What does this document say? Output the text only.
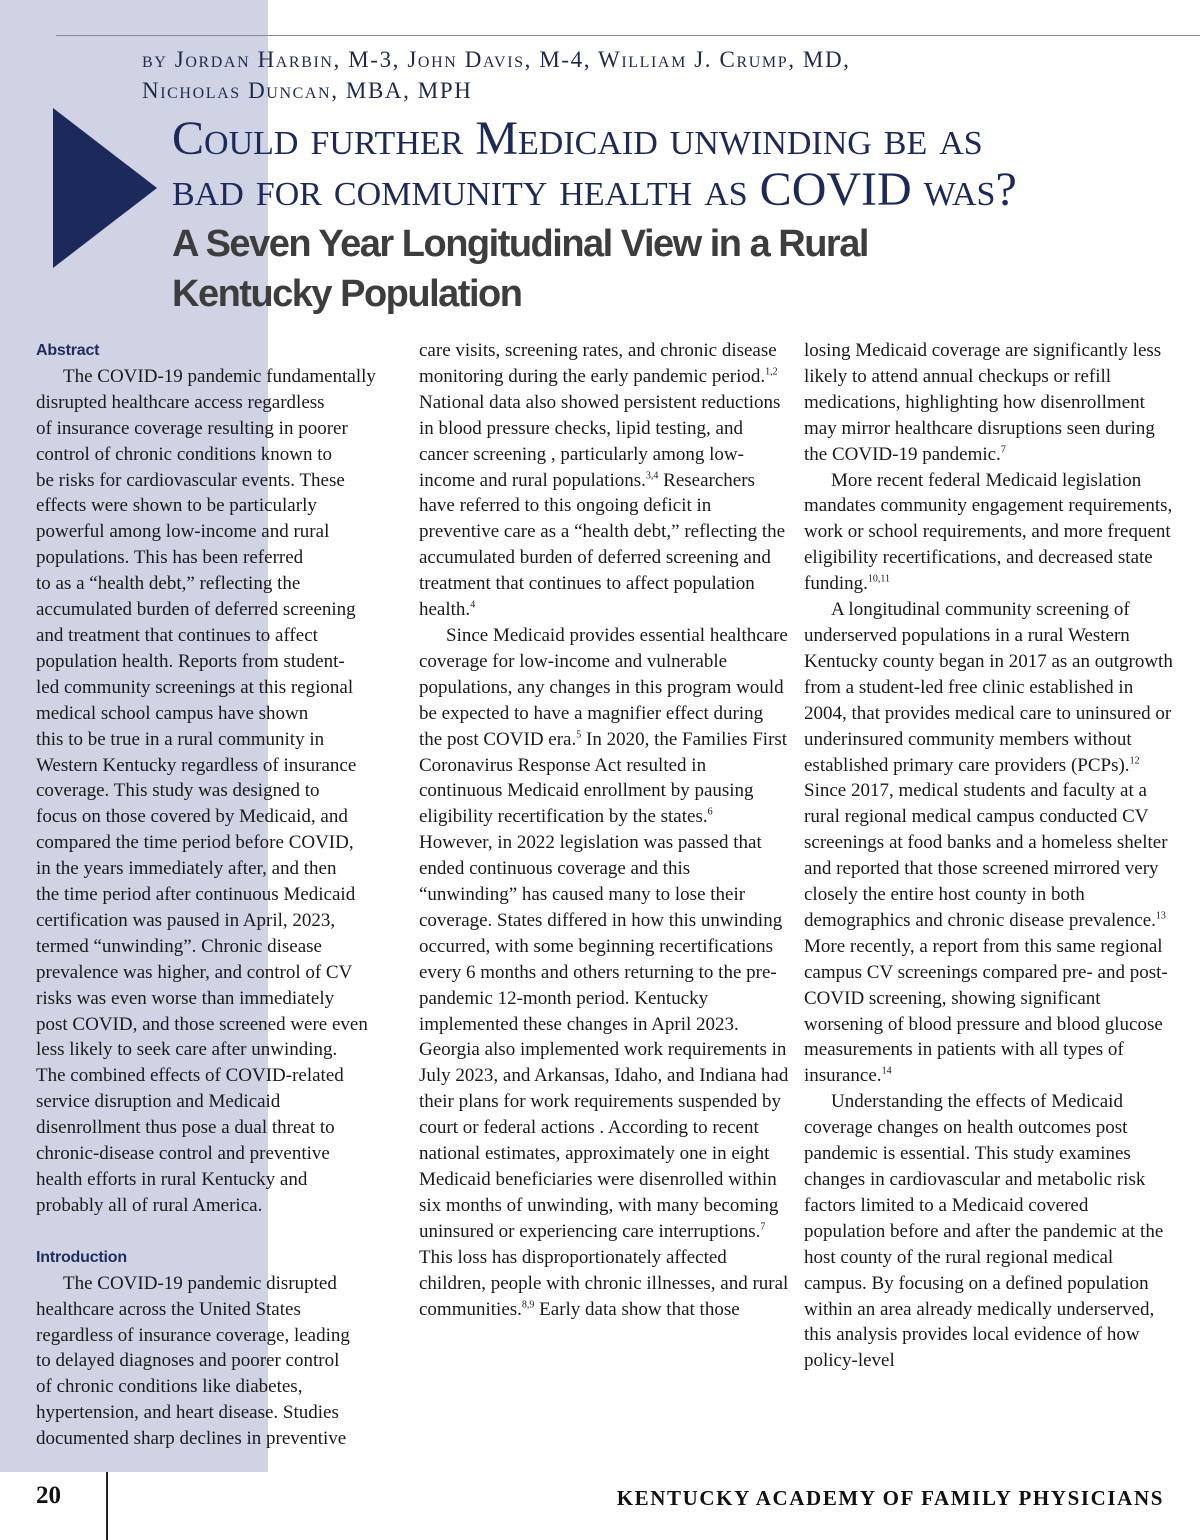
by Jordan Harbin, M-3, John Davis, M-4, William J. Crump, MD,
Nicholas Duncan, MBA, MPH
Could further Medicaid unwinding be as
bad for community health as COVID was?
A Seven Year Longitudinal View in a Rural
Kentucky Population

Abstract

The COVID-19 pandemic fundamentally
disrupted healthcare access regardless
of insurance coverage resulting in poorer
control of chronic conditions known to
be risks for cardiovascular events. These
effects were shown to be particularly
powerful among low-income and rural
populations. This has been referred
to as a “health debt,” reflecting the
accumulated burden of deferred screening
and treatment that continues to affect
population health. Reports from student-
led community screenings at this regional
medical school campus have shown
this to be true in a rural community in
Western Kentucky regardless of insurance
coverage. This study was designed to
focus on those covered by Medicaid, and
compared the time period before COVID,
in the years immediately after, and then
the time period after continuous Medicaid
certification was paused in April, 2023,
termed “unwinding”. Chronic disease
prevalence was higher, and control of CV
risks was even worse than immediately
post COVID, and those screened were even
less likely to seek care after unwinding.
The combined effects of COVID-related
service disruption and Medicaid
disenrollment thus pose a dual threat to
chronic-disease control and preventive
health efforts in rural Kentucky and
probably all of rural America.

Introduction

The COVID-19 pandemic disrupted
healthcare across the United States
regardless of insurance coverage, leading
to delayed diagnoses and poorer control
of chronic conditions like diabetes,
hypertension, and heart disease. Studies
documented sharp declines in preventive

care visits, screening rates, and chronic disease monitoring during the early pandemic period.$^{1,2}$ National data also showed persistent reductions in blood pressure checks, lipid testing, and cancer screening , particularly among low-income and rural populations.$^{3,4}$ Researchers have referred to this ongoing deficit in preventive care as a “health debt,” reflecting the accumulated burden of deferred screening and treatment that continues to affect population health.$^4$

Since Medicaid provides essential healthcare coverage for low-income and vulnerable populations, any changes in this program would be expected to have a magnifier effect during the post COVID era.$^5$ In 2020, the Families First Coronavirus Response Act resulted in continuous Medicaid enrollment by pausing eligibility recertification by the states.$^6$ However, in 2022 legislation was passed that ended continuous coverage and this “unwinding” has caused many to lose their coverage. States differed in how this unwinding occurred, with some beginning recertifications every 6 months and others returning to the pre-pandemic 12-month period. Kentucky implemented these changes in April 2023. Georgia also implemented work requirements in July 2023, and Arkansas, Idaho, and Indiana had their plans for work requirements suspended by court or federal actions . According to recent national estimates, approximately one in eight Medicaid beneficiaries were disenrolled within six months of unwinding, with many becoming uninsured or experiencing care interruptions.$^7$ This loss has disproportionately affected children, people with chronic illnesses, and rural communities.$^{8,9}$ Early data show that those

losing Medicaid coverage are significantly less likely to attend annual checkups or refill medications, highlighting how disenrollment may mirror healthcare disruptions seen during the COVID-19 pandemic.$^7$

More recent federal Medicaid legislation mandates community engagement requirements, work or school requirements, and more frequent eligibility recertifications, and decreased state funding.$^{10,11}$

A longitudinal community screening of underserved populations in a rural Western Kentucky county began in 2017 as an outgrowth from a student-led free clinic established in 2004, that provides medical care to uninsured or underinsured community members without established primary care providers (PCPs).$^{12}$ Since 2017, medical students and faculty at a rural regional medical campus conducted CV screenings at food banks and a homeless shelter and reported that those screened mirrored very closely the entire host county in both demographics and chronic disease prevalence.$^{13}$ More recently, a report from this same regional campus CV screenings compared pre- and post-COVID screening, showing significant worsening of blood pressure and blood glucose measurements in patients with all types of insurance.$^{14}$

Understanding the effects of Medicaid coverage changes on health outcomes post pandemic is essential. This study examines changes in cardiovascular and metabolic risk factors limited to a Medicaid covered population before and after the pandemic at the host county of the rural regional medical campus. By focusing on a defined population within an area already medically underserved, this analysis provides local evidence of how policy-level

20	KENTUCKY ACADEMY OF FAMILY PHYSICIANS
